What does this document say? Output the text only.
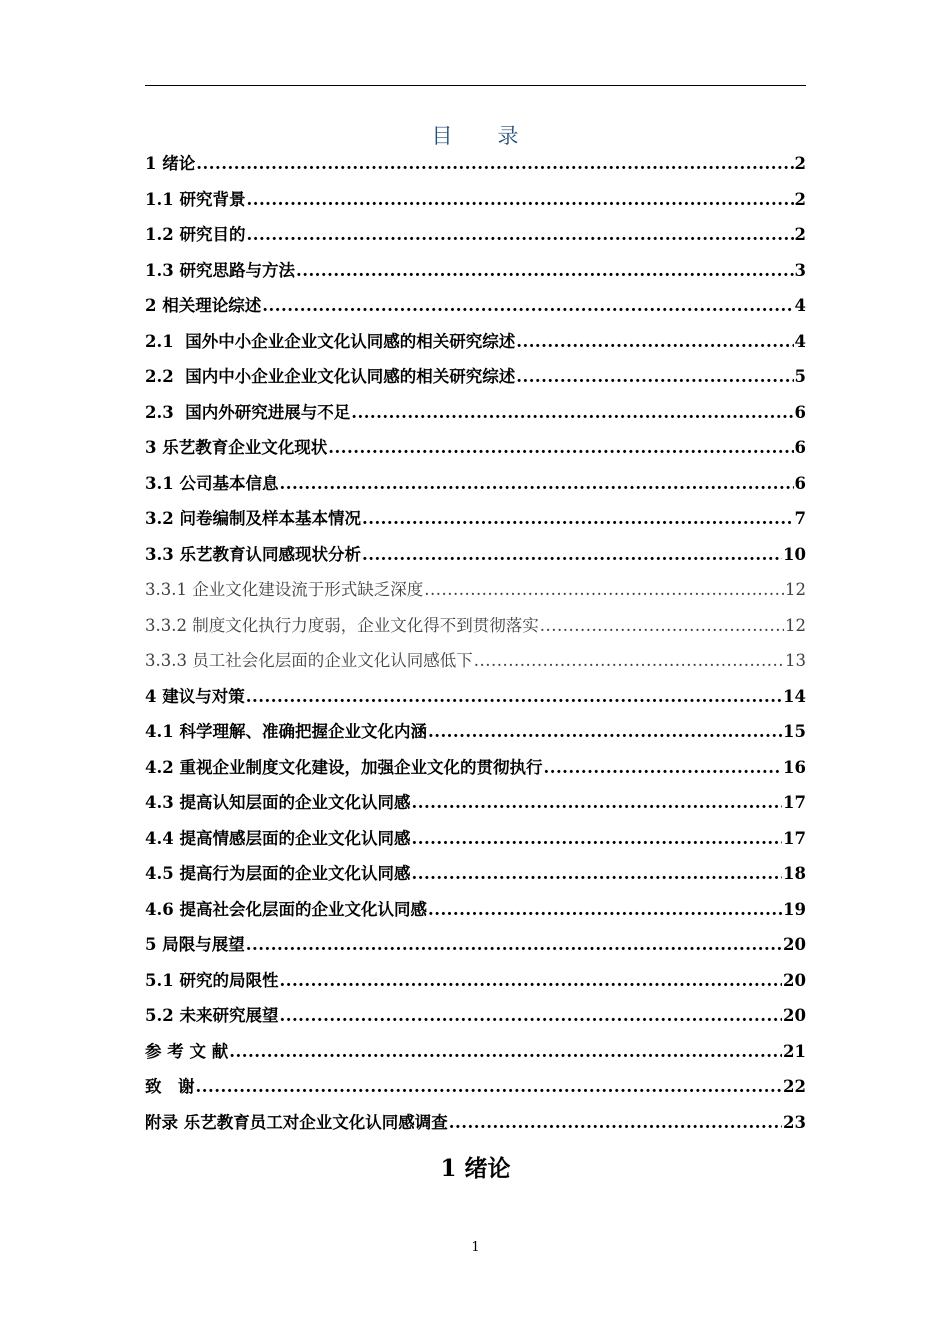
目　　录
1 绪论 .....	2
1.1 研究背景 .....	2
1.2 研究目的 .....	2
1.3 研究思路与方法 .....	3
2 相关理论综述 .....	4
2.1  国外中小企业企业文化认同感的相关研究综述 .....	4
2.2  国内中小企业企业文化认同感的相关研究综述 .....	5
2.3  国内外研究进展与不足 .....	6
3 乐艺教育企业文化现状 .....	6
3.1 公司基本信息 .....	6
3.2 问卷编制及样本基本情况 .....	7
3.3 乐艺教育认同感现状分析 .....	10
3.3.1 企业文化建设流于形式缺乏深度 .....	12
3.3.2 制度文化执行力度弱，企业文化得不到贯彻落实 .....	12
3.3.3 员工社会化层面的企业文化认同感低下 .....	13
4 建议与对策 .....	14
4.1 科学理解、准确把握企业文化内涵 .....	15
4.2 重视企业制度文化建设，加强企业文化的贯彻执行 .....	16
4.3 提高认知层面的企业文化认同感 .....	17
4.4 提高情感层面的企业文化认同感 .....	17
4.5 提高行为层面的企业文化认同感 .....	18
4.6 提高社会化层面的企业文化认同感 .....	19
5 局限与展望 .....	20
5.1 研究的局限性 .....	20
5.2 未来研究展望 .....	20
参 考 文 献 .....	21
致　谢 .....	22
附录 乐艺教育员工对企业文化认同感调查 .....	23
1 绪论
1
